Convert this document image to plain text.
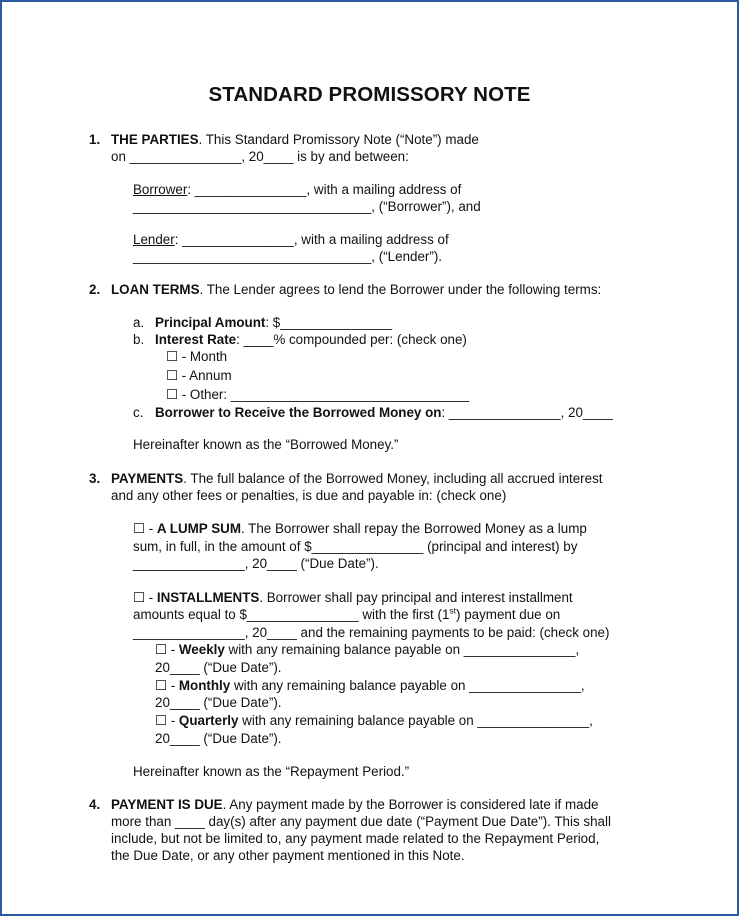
STANDARD PROMISSORY NOTE
1. THE PARTIES. This Standard Promissory Note (“Note”) made
on _______________, 20____ is by and between:
Borrower: _______________, with a mailing address of
________________________________, (“Borrower”), and
Lender: _______________, with a mailing address of
________________________________, (“Lender”).
2. LOAN TERMS. The Lender agrees to lend the Borrower under the following terms:
a. Principal Amount: $_______________
b. Interest Rate: ____% compounded per: (check one)
☐ - Month
☐ - Annum
☐ - Other: ________________________________
c. Borrower to Receive the Borrowed Money on: _______________, 20____
Hereinafter known as the “Borrowed Money.”
3. PAYMENTS. The full balance of the Borrowed Money, including all accrued interest
and any other fees or penalties, is due and payable in: (check one)
☐ - A LUMP SUM. The Borrower shall repay the Borrowed Money as a lump
sum, in full, in the amount of $_______________ (principal and interest) by
_______________, 20____ (“Due Date”).
☐ - INSTALLMENTS. Borrower shall pay principal and interest installment
amounts equal to $_______________ with the first (1st) payment due on
_______________, 20____ and the remaining payments to be paid: (check one)
☐ - Weekly with any remaining balance payable on _______________,
20____ (“Due Date”).
☐ - Monthly with any remaining balance payable on _______________,
20____ (“Due Date”).
☐ - Quarterly with any remaining balance payable on _______________,
20____ (“Due Date”).
Hereinafter known as the “Repayment Period.”
4. PAYMENT IS DUE. Any payment made by the Borrower is considered late if made
more than ____ day(s) after any payment due date (“Payment Due Date”). This shall
include, but not be limited to, any payment made related to the Repayment Period,
the Due Date, or any other payment mentioned in this Note.
